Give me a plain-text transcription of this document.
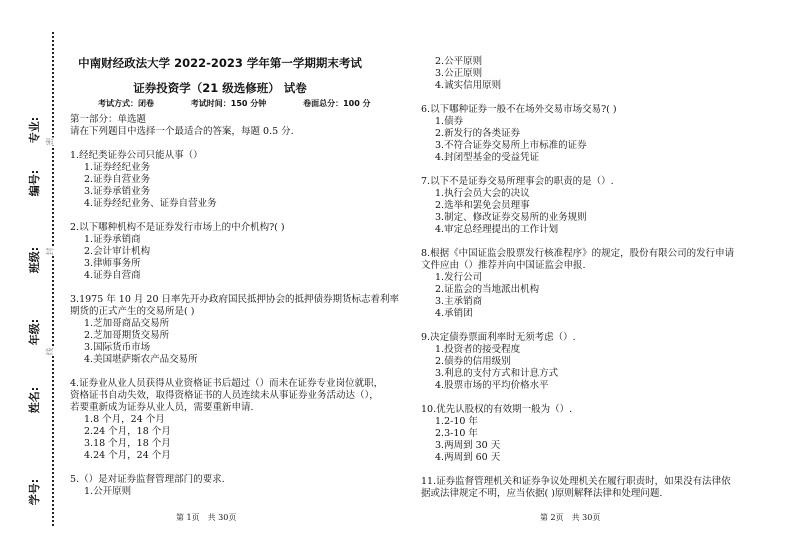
专业:
编号:
班级:
年级:
姓名:
学号:
密
封
线
中南财经政法大学 2022-2023 学年第一学期期末考试
证券投资学（21 级选修班） 试卷
考试方式：闭卷	考试时间：150 分钟	卷面总分：100 分
第一部分：单选题
请在下列题目中选择一个最适合的答案，每题 0.5 分.
1.经纪类证券公司只能从事（）
1.证券经纪业务
2.证券自营业务
3.证券承销业务
4.证券经纪业务、证券自营业务
2.以下哪种机构不是证券发行市场上的中介机构?( )
1.证券承销商
2.会计审计机构
3.律师事务所
4.证券自营商
3.1975 年 10 月 20 日率先开办政府国民抵押协会的抵押债券期货标志着利率
期货的正式产生的交易所是( )
1.芝加哥商品交易所
2.芝加哥期货交易所
3.国际货币市场
4.美国堪萨斯农产品交易所
4.证券业从业人员获得从业资格证书后超过（）而未在证券专业岗位就职，
资格证书自动失效，取得资格证书的人员连续未从事证券业务活动达（），
若要重新成为证券从业人员，需要重新申请.
1.8 个月，24 个月
2.24 个月，18 个月
3.18 个月，18 个月
4.24 个月，24 个月
5.（）是对证券监督管理部门的要求.
1.公开原则
2.公平原则
3.公正原则
4.诚实信用原则
6.以下哪种证券一般不在场外交易市场交易?( )
1.债券
2.新发行的各类证券
3.不符合证券交易所上市标准的证券
4.封闭型基金的受益凭证
7.以下不是证券交易所理事会的职责的是（）.
1.执行会员大会的决议
2.选举和罢免会员理事
3.制定、修改证券交易所的业务规则
4.审定总经理提出的工作计划
8.根据《中国证监会股票发行核准程序》的规定，股份有限公司的发行申请
文件应由（）推荐并向中国证监会申报.
1.发行公司
2.证监会的当地派出机构
3.主承销商
4.承销团
9.决定债券票面利率时无须考虑（）.
1.投资者的接受程度
2.债券的信用级别
3.利息的支付方式和计息方式
4.股票市场的平均价格水平
10.优先认股权的有效期一般为（）.
1.2-10 年
2.3-10 年
3.两周到 30 天
4.两周到 60 天
11.证券监督管理机关和证券争议处理机关在履行职责时，如果没有法律依
据或法律规定不明，应当依据( )原则解释法律和处理问题.
第 1页　共 30页	第 2页　共 30页
